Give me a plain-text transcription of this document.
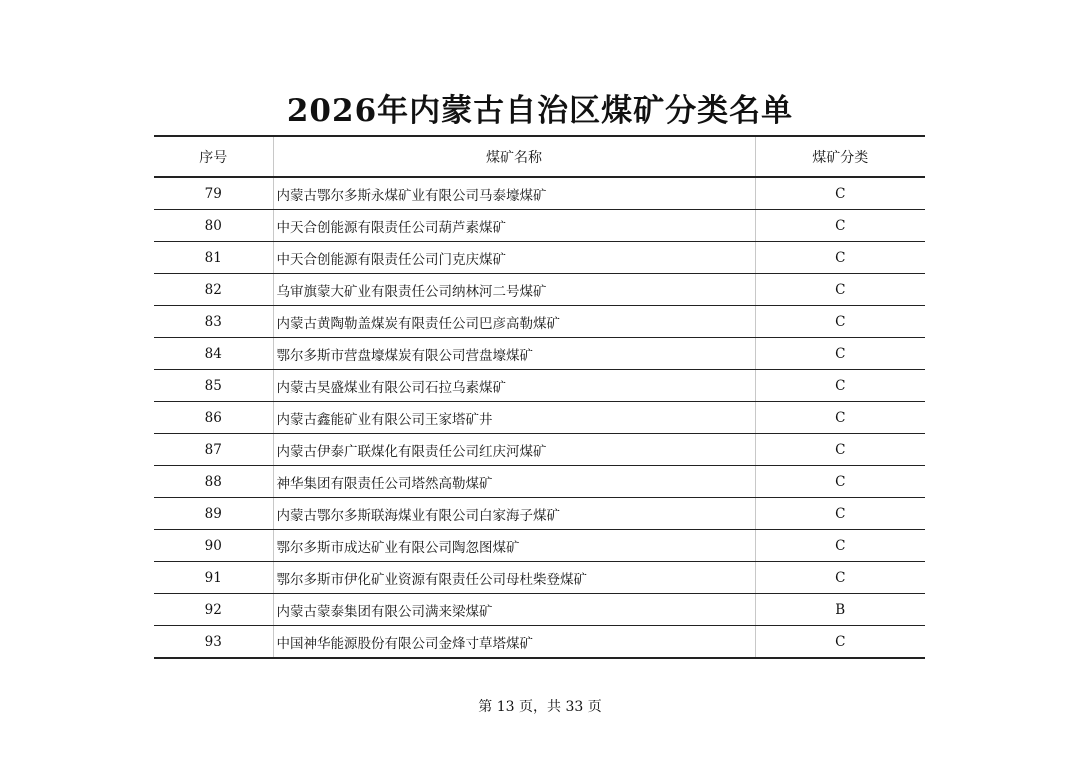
2026年内蒙古自治区煤矿分类名单
序号	煤矿名称	煤矿分类
79	内蒙古鄂尔多斯永煤矿业有限公司马泰壕煤矿	C
80	中天合创能源有限责任公司葫芦素煤矿	C
81	中天合创能源有限责任公司门克庆煤矿	C
82	乌审旗蒙大矿业有限责任公司纳林河二号煤矿	C
83	内蒙古黄陶勒盖煤炭有限责任公司巴彦高勒煤矿	C
84	鄂尔多斯市营盘壕煤炭有限公司营盘壕煤矿	C
85	内蒙古昊盛煤业有限公司石拉乌素煤矿	C
86	内蒙古鑫能矿业有限公司王家塔矿井	C
87	内蒙古伊泰广联煤化有限责任公司红庆河煤矿	C
88	神华集团有限责任公司塔然高勒煤矿	C
89	内蒙古鄂尔多斯联海煤业有限公司白家海子煤矿	C
90	鄂尔多斯市成达矿业有限公司陶忽图煤矿	C
91	鄂尔多斯市伊化矿业资源有限责任公司母杜柴登煤矿	C
92	内蒙古蒙泰集团有限公司满来梁煤矿	B
93	中国神华能源股份有限公司金烽寸草塔煤矿	C
第 13 页，共 33 页
